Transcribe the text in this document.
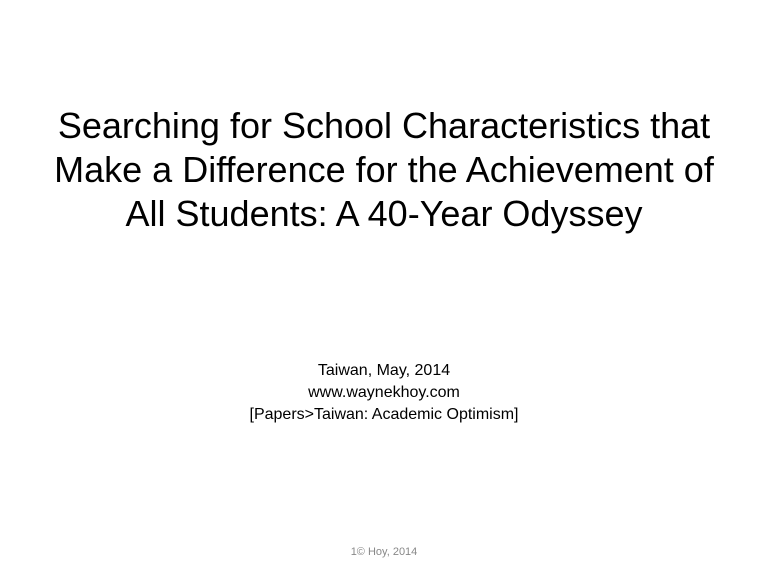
Searching for School Characteristics that
Make a Difference for the Achievement of
All Students: A 40-Year Odyssey
Taiwan, May, 2014
www.waynekhoy.com
[Papers>Taiwan: Academic Optimism]
1© Hoy, 2014
